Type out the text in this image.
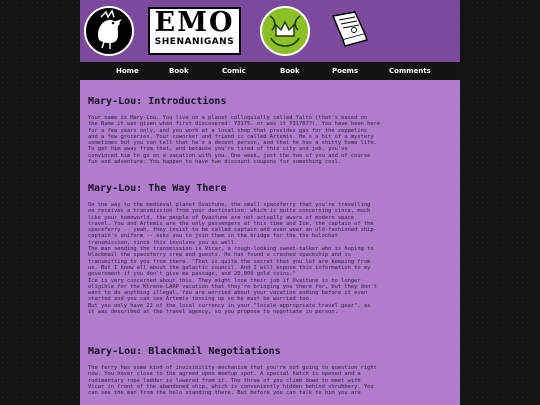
EMO
SHENANIGANS
Home	Book	Comic	Book	Poems	Comments
Mary-Lou: Introductions

Your name is Mary-Lou. You live on a planet colloquially called Yalto (that's based on
the Name it was given when first discovered: Y3175. or was it Y31707?). You have been here
for a few years only, and you work at a local shop that provides gas for the zeppelins
and a few groceries. Your coworker and friend is called Artemis. He's a bit of a mystery
sometimes but you can tell that he's a decent person, and that he has a shitty home life.
To get him away from that, and because you're tired of this city and job, you've
convinced him to go on a vacation with you. One week, just the two of you and of course
fun and adventure: You happen to have two discount coupons for something cool.

Mary-Lou: The Way There

On the way to the medieval planet Ovaitune, the small spaceferry that you're travelling
on receives a transmission from your destination: which is quite concerning since, much
like your homeworld, the people of Ovaitune are not actually aware of modern space
travel. You and Artemis are the only passengers at this time and Ice, the captain of the
spaceferry -- yeah, they insist to be called captain and even wear an old-fashioned ship-
captain's uniform -- asks you to join them in the bridge for the the holochat
transmission, since this involves you as well.
The man sending the transmission is Vicar, a rough-looking sweet-talker who is hoping to
blackmail the spaceferry crew and guests. He has found a crashed spaceship and is
transmitting to you from there. "That is quite the secret that you lot are keeping from
us. But I know all about the galactic council. And I will expose this information to my
government if you don't give me passage, and 20,000 gold coins."
Ice is very concerned about this. They might lose their job if Ovaitune is no longer
eligible for the Ktrene-LARP vacation that they're bringing you there for, but they don't
want to do anything illegal. You are worried about your vacation ending before it even
started and you can see Artemis tensing up so he must be worried too.
But you only have 22 of the local currency in your "locale-appropriate travel gear", as
it was described at the travel agency, so you propose to negotiate in person.

Mary-Lou: Blackmail Negotiations

The ferry has some kind of invisibility-mechanism that you're not going to question right
now. You hover close to the agreed upon meetup spot. A special hatch is opened and a
rudimentary rope ladder is lowered from it. The three of you climb down to meet with
Vicar in front of the abandoned ship, which is conveniently hidden behind shrubbery. You
can see the man from the holo standing there. But before you can talk to him you are
